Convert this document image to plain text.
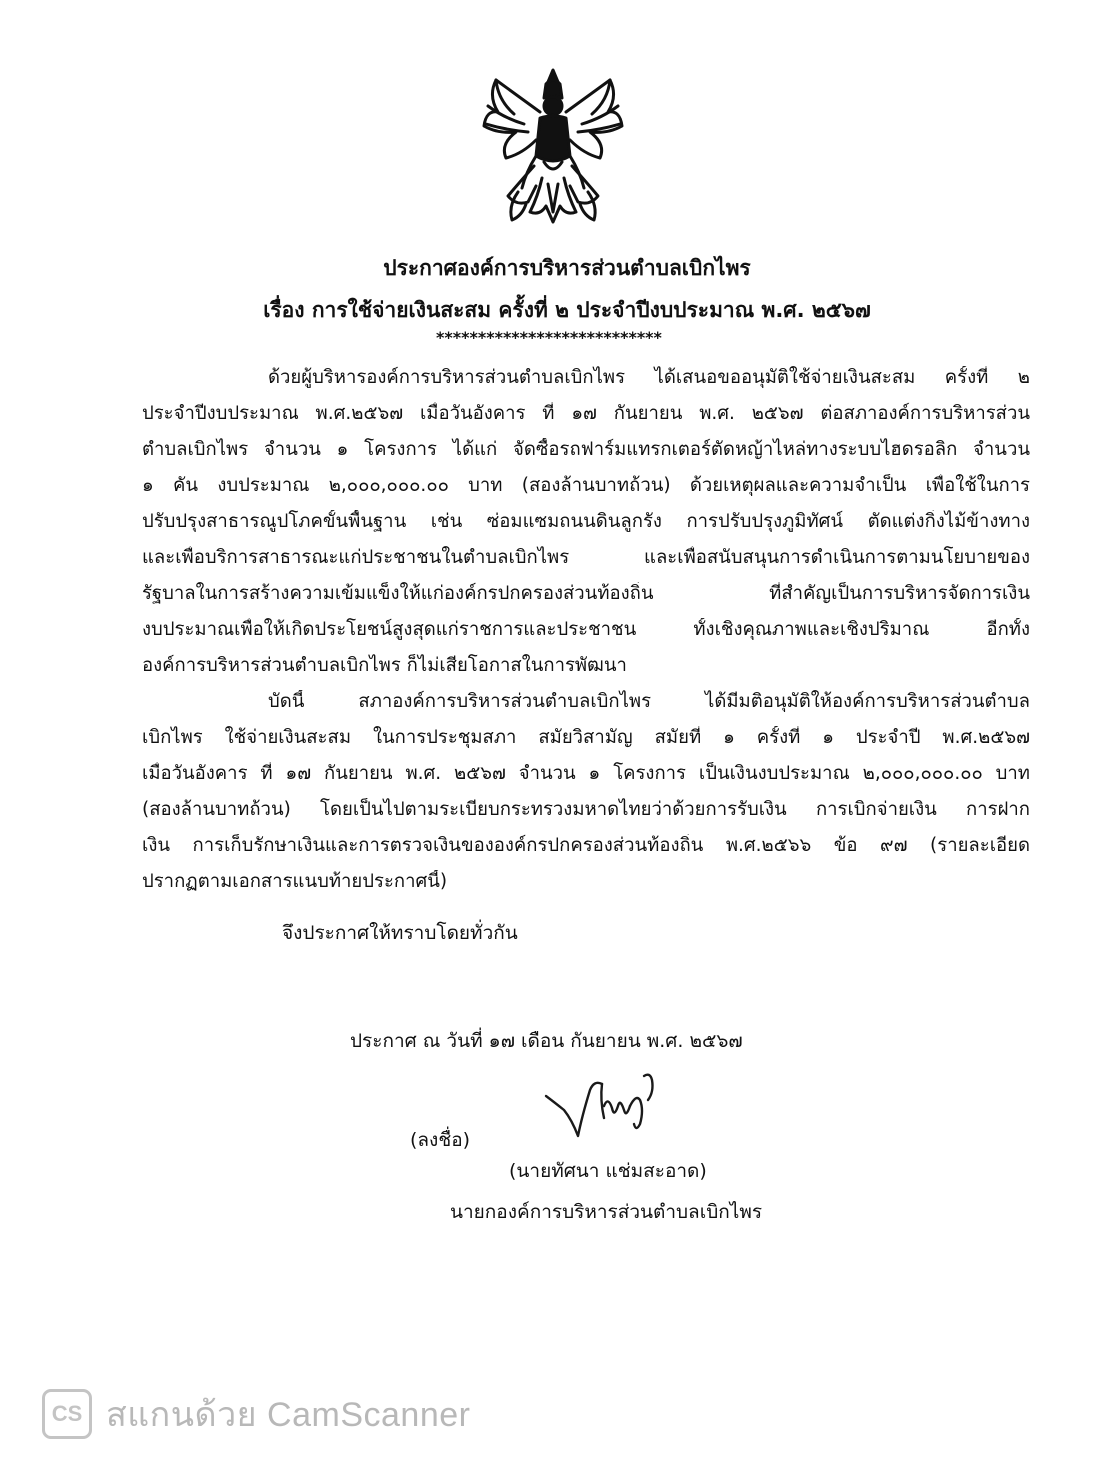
ประกาศองค์การบริหารส่วนตำบลเบิกไพร
เรื่อง การใช้จ่ายเงินสะสม ครั้งที่ ๒ ประจำปีงบประมาณ พ.ศ. ๒๕๖๗
***************************
ด้วยผู้บริหารองค์การบริหารส่วนตำบลเบิกไพร ได้เสนอขออนุมัติใช้จ่ายเงินสะสม ครั้งที่ ๒
ประจำปีงบประมาณ พ.ศ.๒๕๖๗ เมื่อวันอังคาร ที่ ๑๗ กันยายน พ.ศ. ๒๕๖๗ ต่อสภาองค์การบริหารส่วน
ตำบลเบิกไพร จำนวน ๑ โครงการ ได้แก่ จัดซื้อรถฟาร์มแทรกเตอร์ตัดหญ้าไหล่ทางระบบไฮดรอลิก จำนวน
๑ คัน งบประมาณ ๒,๐๐๐,๐๐๐.๐๐ บาท (สองล้านบาทถ้วน) ด้วยเหตุผลและความจำเป็น เพื่อใช้ในการ
ปรับปรุงสาธารณูปโภคขั้นพื้นฐาน เช่น ซ่อมแซมถนนดินลูกรัง การปรับปรุงภูมิทัศน์ ตัดแต่งกิ่งไม้ข้างทาง
และเพื่อบริการสาธารณะแก่ประชาชนในตำบลเบิกไพร และเพื่อสนับสนุนการดำเนินการตามนโยบายของ
รัฐบาลในการสร้างความเข้มแข็งให้แก่องค์กรปกครองส่วนท้องถิ่น ที่สำคัญเป็นการบริหารจัดการเงิน
งบประมาณเพื่อให้เกิดประโยชน์สูงสุดแก่ราชการและประชาชน ทั้งเชิงคุณภาพและเชิงปริมาณ อีกทั้ง
องค์การบริหารส่วนตำบลเบิกไพร ก็ไม่เสียโอกาสในการพัฒนา
บัดนี้ สภาองค์การบริหารส่วนตำบลเบิกไพร ได้มีมติอนุมัติให้องค์การบริหารส่วนตำบล
เบิกไพร ใช้จ่ายเงินสะสม ในการประชุมสภา สมัยวิสามัญ สมัยที่ ๑ ครั้งที่ ๑ ประจำปี พ.ศ.๒๕๖๗
เมื่อวันอังคาร ที่ ๑๗ กันยายน พ.ศ. ๒๕๖๗ จำนวน ๑ โครงการ เป็นเงินงบประมาณ ๒,๐๐๐,๐๐๐.๐๐ บาท
(สองล้านบาทถ้วน) โดยเป็นไปตามระเบียบกระทรวงมหาดไทยว่าด้วยการรับเงิน การเบิกจ่ายเงิน การฝาก
เงิน การเก็บรักษาเงินและการตรวจเงินขององค์กรปกครองส่วนท้องถิ่น พ.ศ.๒๕๖๖ ข้อ ๙๗ (รายละเอียด
ปรากฏตามเอกสารแนบท้ายประกาศนี้)
จึงประกาศให้ทราบโดยทั่วกัน
ประกาศ ณ วันที่ ๑๗ เดือน กันยายน พ.ศ. ๒๕๖๗
(ลงชื่อ)
(นายทัศนา แช่มสะอาด)
นายกองค์การบริหารส่วนตำบลเบิกไพร
CS สแกนด้วย CamScanner
